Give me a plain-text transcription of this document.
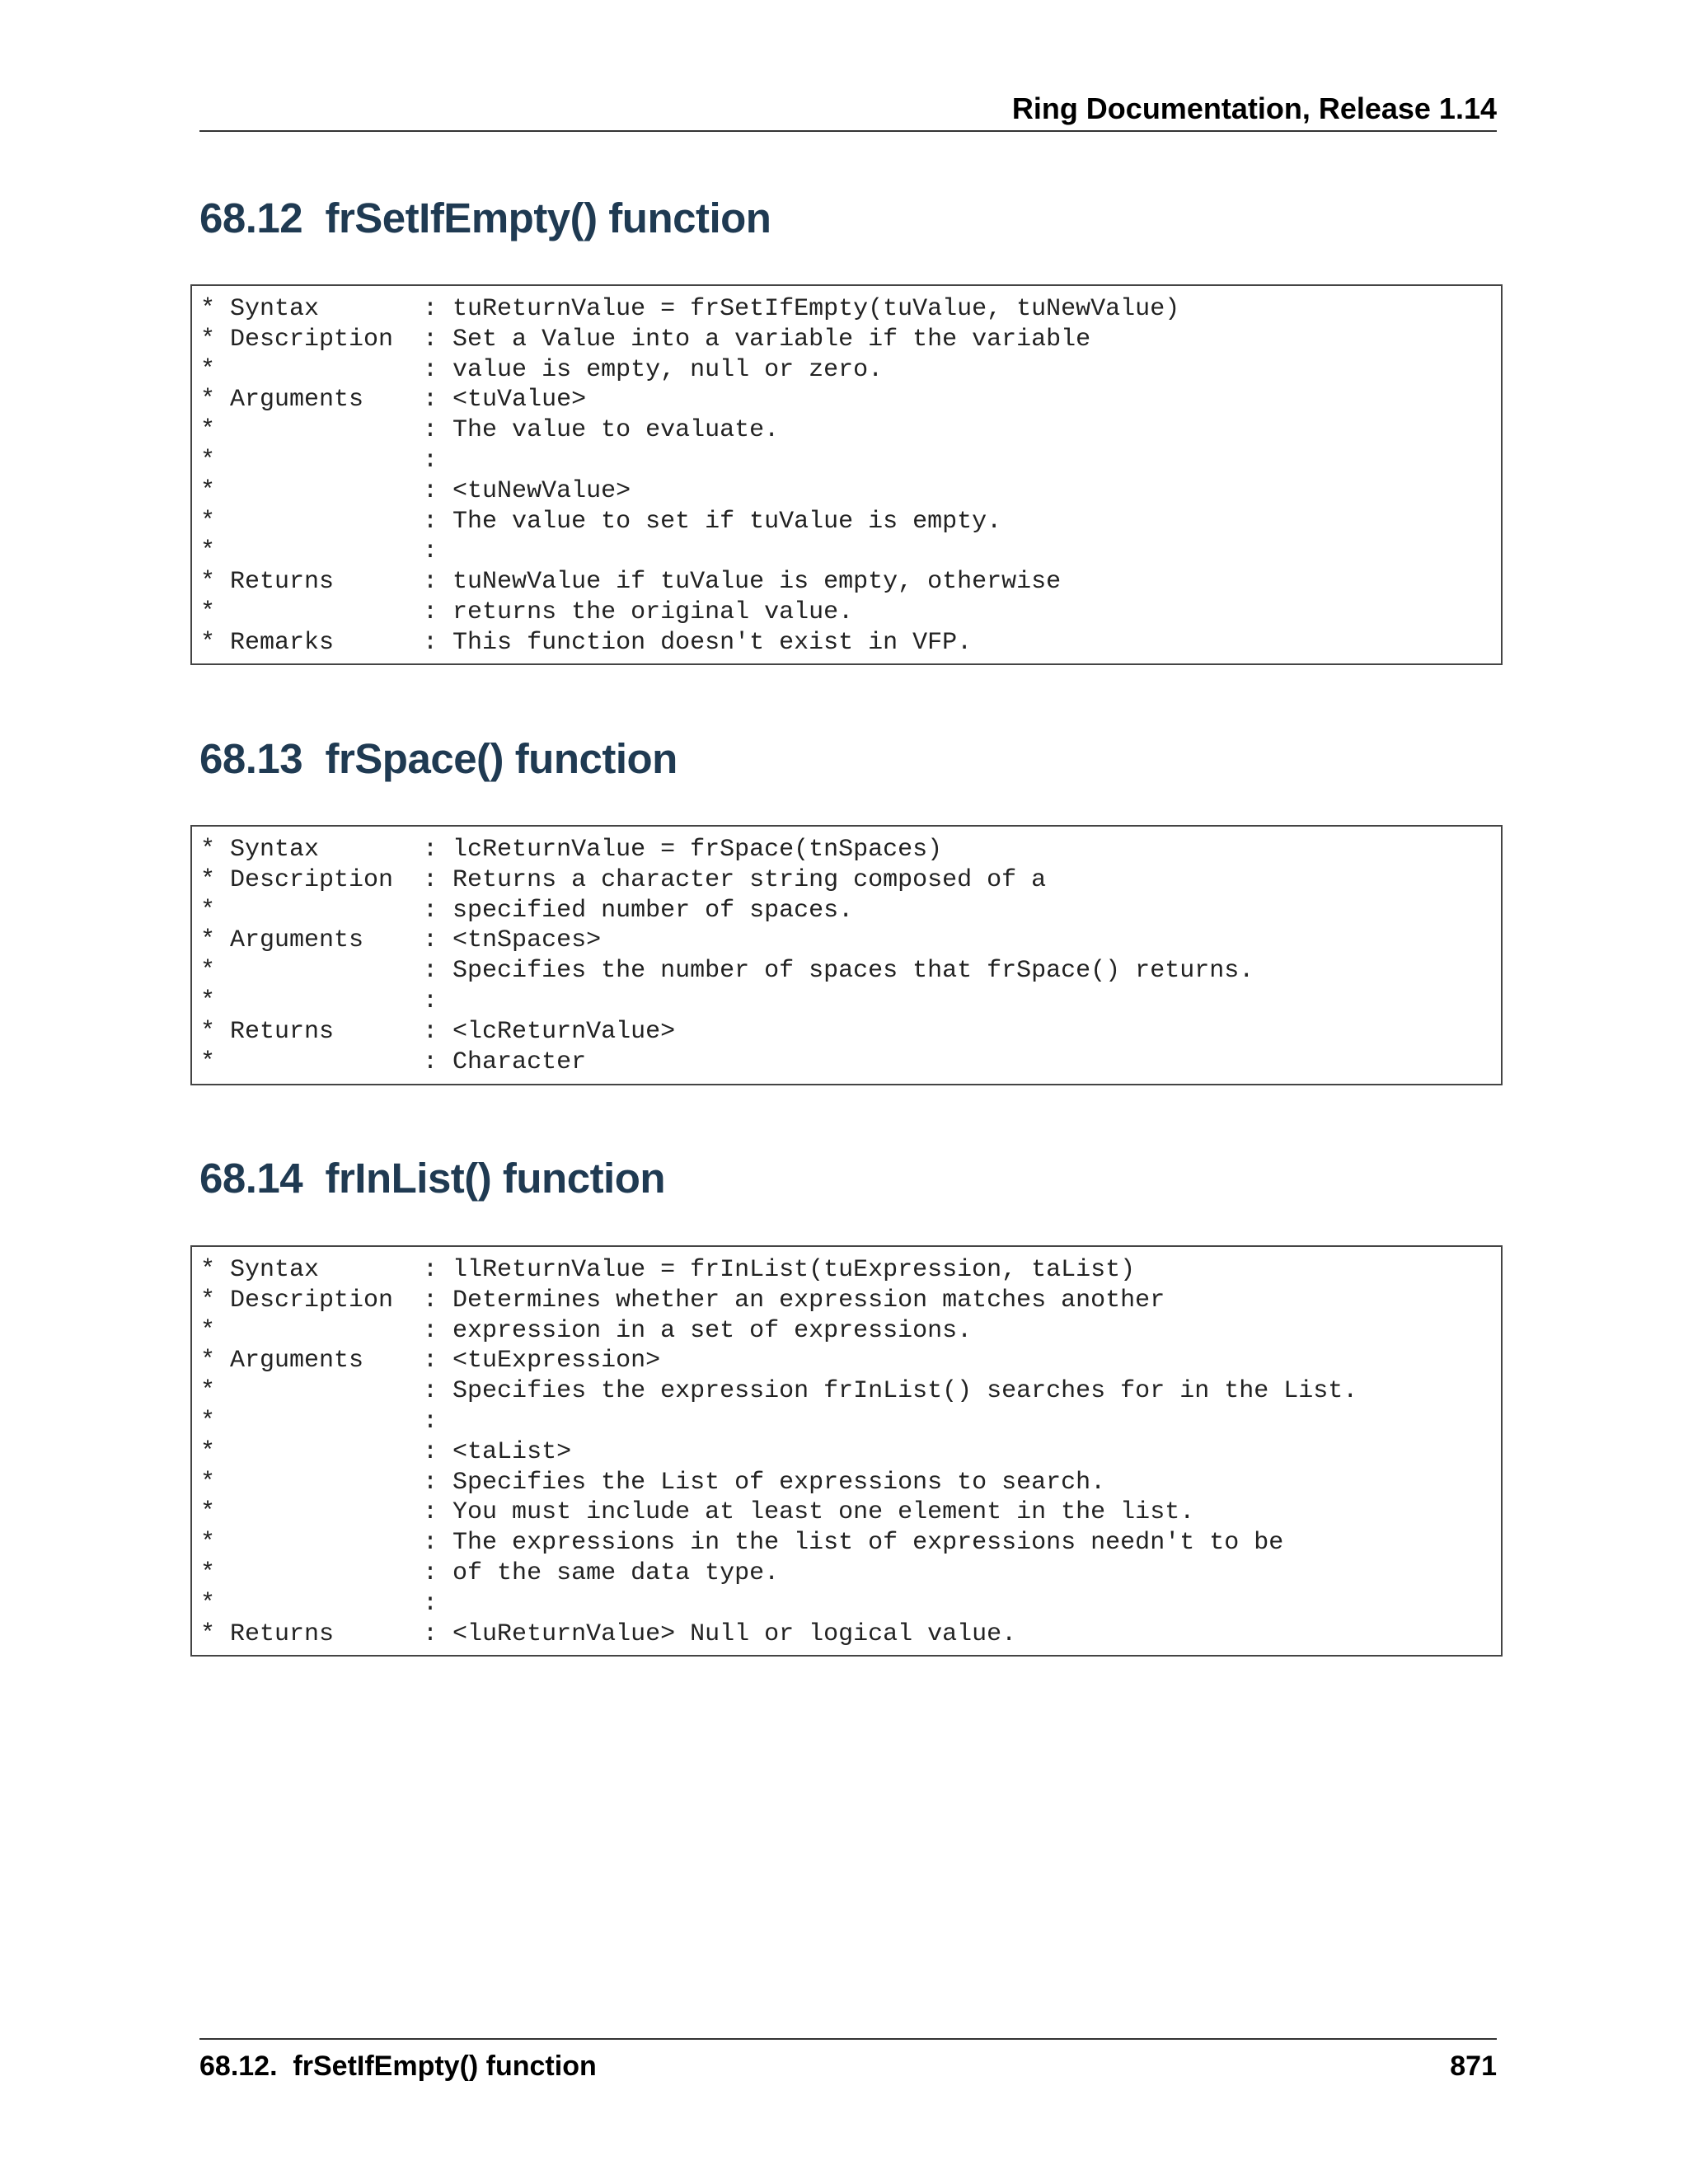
Ring Documentation, Release 1.14
68.12  frSetIfEmpty() function
* Syntax       : tuReturnValue = frSetIfEmpty(tuValue, tuNewValue)
* Description  : Set a Value into a variable if the variable
*              : value is empty, null or zero.
* Arguments    : <tuValue>
*              : The value to evaluate.
*              :
*              : <tuNewValue>
*              : The value to set if tuValue is empty.
*              :
* Returns      : tuNewValue if tuValue is empty, otherwise
*              : returns the original value.
* Remarks      : This function doesn't exist in VFP.
68.13  frSpace() function
* Syntax       : lcReturnValue = frSpace(tnSpaces)
* Description  : Returns a character string composed of a
*              : specified number of spaces.
* Arguments    : <tnSpaces>
*              : Specifies the number of spaces that frSpace() returns.
*              :
* Returns      : <lcReturnValue>
*              : Character
68.14  frInList() function
* Syntax       : llReturnValue = frInList(tuExpression, taList)
* Description  : Determines whether an expression matches another
*              : expression in a set of expressions.
* Arguments    : <tuExpression>
*              : Specifies the expression frInList() searches for in the List.
*              :
*              : <taList>
*              : Specifies the List of expressions to search.
*              : You must include at least one element in the list.
*              : The expressions in the list of expressions needn't to be
*              : of the same data type.
*              :
* Returns      : <luReturnValue> Null or logical value.
68.12.  frSetIfEmpty() function	871
